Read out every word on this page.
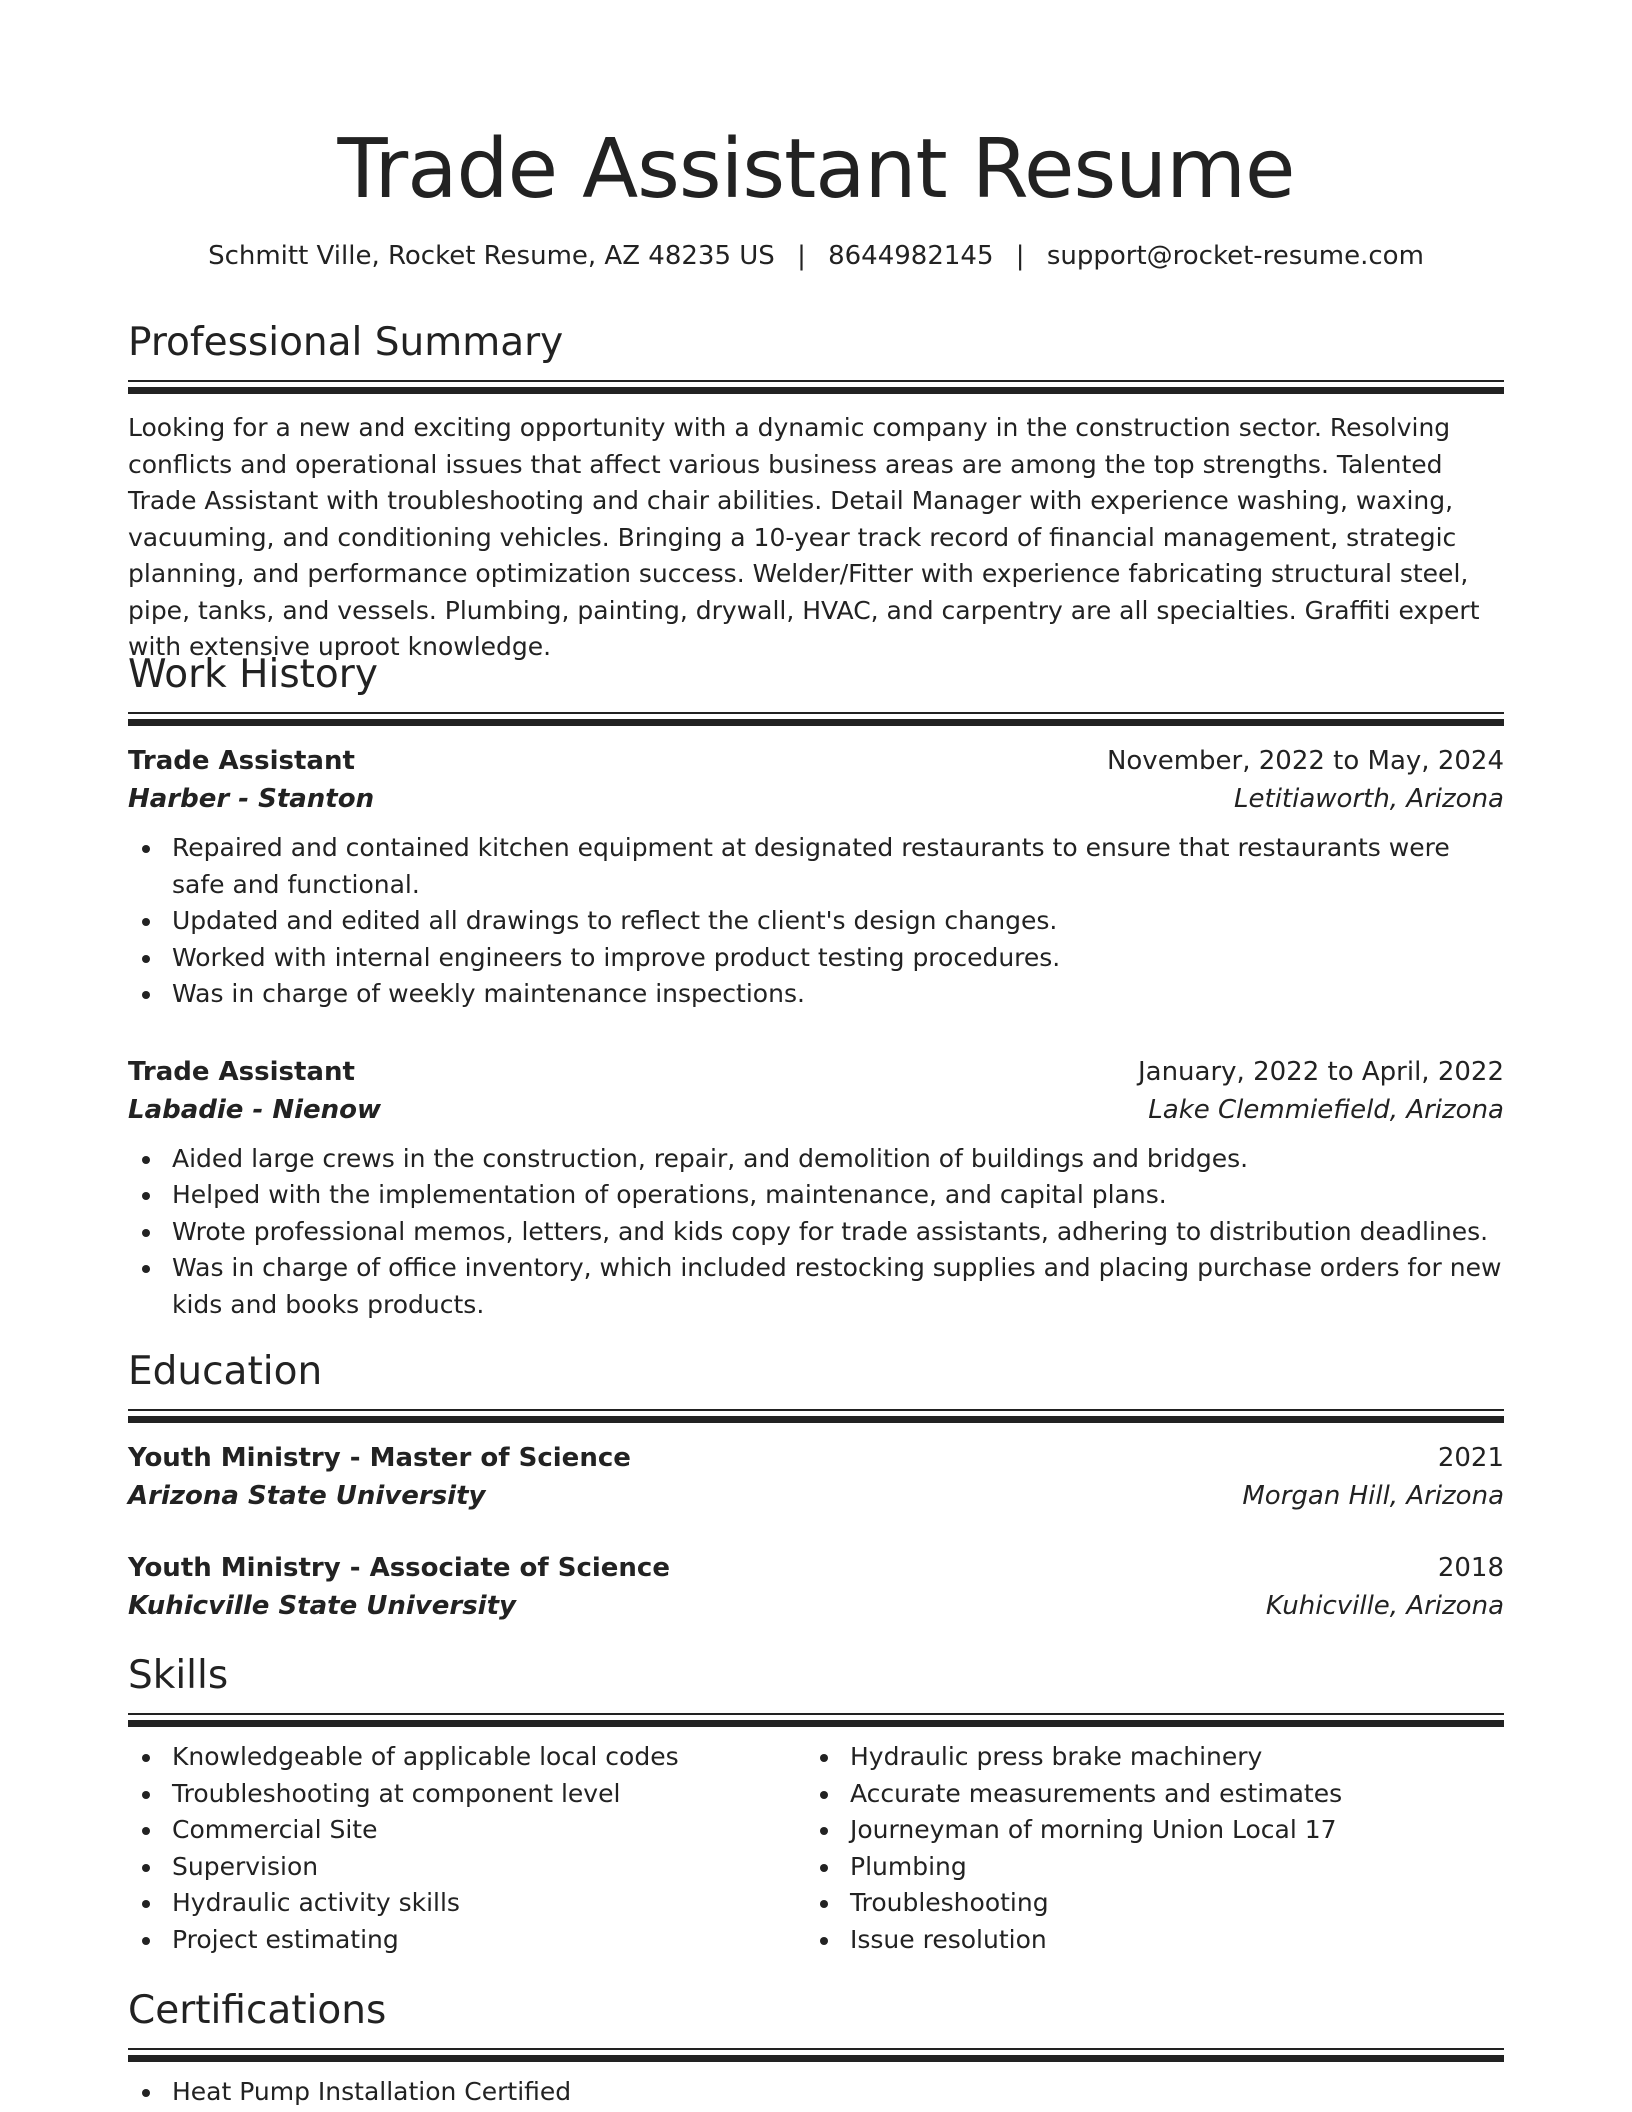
Trade Assistant Resume
Schmitt Ville, Rocket Resume, AZ 48235 US | 8644982145 | support@rocket-resume.com
Professional Summary

Looking for a new and exciting opportunity with a dynamic company in the construction sector. Resolving conflicts and operational issues that affect various business areas are among the top strengths. Talented Trade Assistant with troubleshooting and chair abilities. Detail Manager with experience washing, waxing, vacuuming, and conditioning vehicles. Bringing a 10-year track record of financial management, strategic planning, and performance optimization success. Welder/Fitter with experience fabricating structural steel, pipe, tanks, and vessels. Plumbing, painting, drywall, HVAC, and carpentry are all specialties. Graffiti expert with extensive uproot knowledge.

Work History
Trade Assistant	November, 2022 to May, 2024
Harber - Stanton	Letitiaworth, Arizona
Repaired and contained kitchen equipment at designated restaurants to ensure that restaurants were safe and functional.
Updated and edited all drawings to reflect the client's design changes.
Worked with internal engineers to improve product testing procedures.
Was in charge of weekly maintenance inspections.
Trade Assistant	January, 2022 to April, 2022
Labadie - Nienow	Lake Clemmiefield, Arizona
Aided large crews in the construction, repair, and demolition of buildings and bridges.
Helped with the implementation of operations, maintenance, and capital plans.
Wrote professional memos, letters, and kids copy for trade assistants, adhering to distribution deadlines.
Was in charge of office inventory, which included restocking supplies and placing purchase orders for new kids and books products.
Education
Youth Ministry - Master of Science	2021
Arizona State University	Morgan Hill, Arizona
Youth Ministry - Associate of Science	2018
Kuhicville State University	Kuhicville, Arizona
Skills
Knowledgeable of applicable local codes
Troubleshooting at component level
Commercial Site
Supervision
Hydraulic activity skills
Project estimating
Hydraulic press brake machinery
Accurate measurements and estimates
Journeyman of morning Union Local 17
Plumbing
Troubleshooting
Issue resolution
Certifications
Heat Pump Installation Certified
